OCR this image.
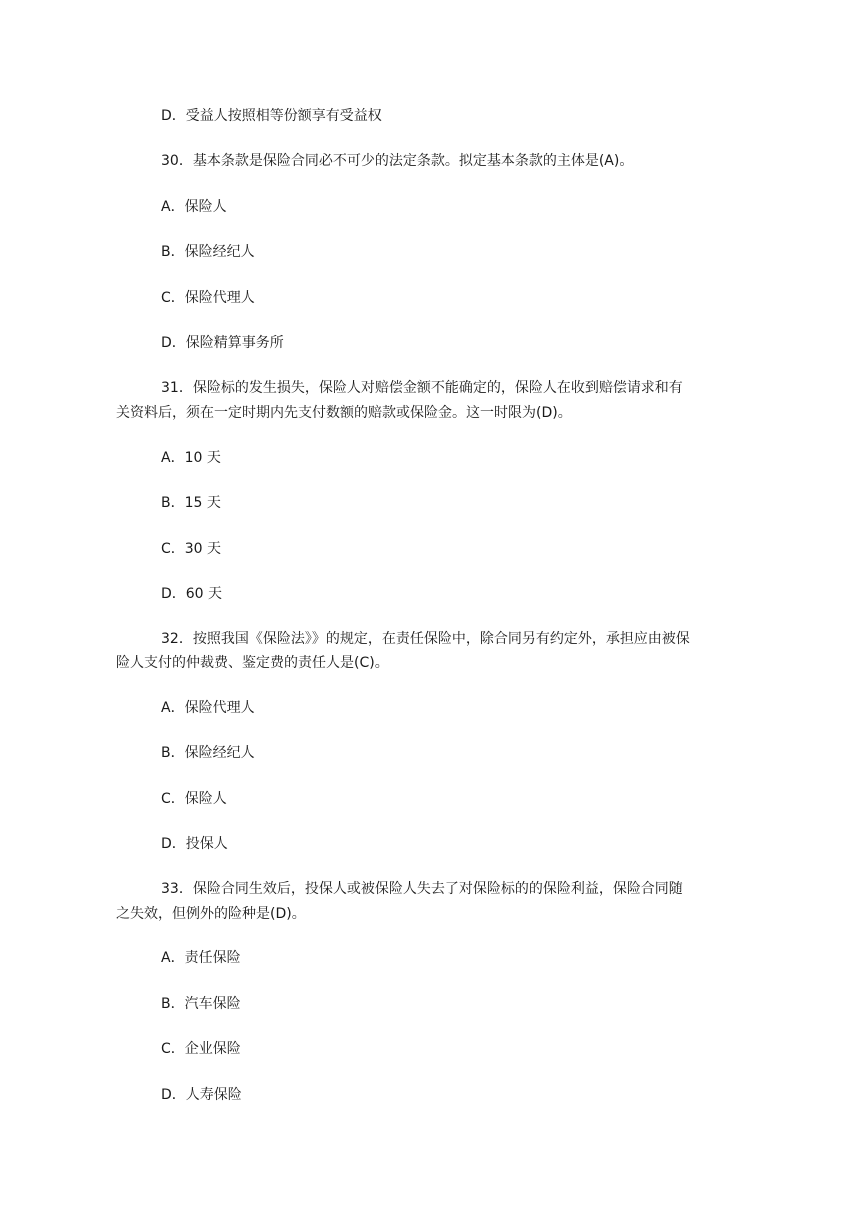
D．受益人按照相等份额享有受益权
30．基本条款是保险合同必不可少的法定条款。拟定基本条款的主体是(A)。
A．保险人
B．保险经纪人
C．保险代理人
D．保险精算事务所
31．保险标的发生损失，保险人对赔偿金额不能确定的，保险人在收到赔偿请求和有
关资料后，须在一定时期内先支付数额的赔款或保险金。这一时限为(D)。
A．10 天
B．15 天
C．30 天
D．60 天
32．按照我国《保险法》》的规定，在责任保险中，除合同另有约定外，承担应由被保
险人支付的仲裁费、鉴定费的责任人是(C)。
A．保险代理人
B．保险经纪人
C．保险人
D．投保人
33．保险合同生效后，投保人或被保险人失去了对保险标的的保险利益，保险合同随
之失效，但例外的险种是(D)。
A．责任保险
B．汽车保险
C．企业保险
D．人寿保险
